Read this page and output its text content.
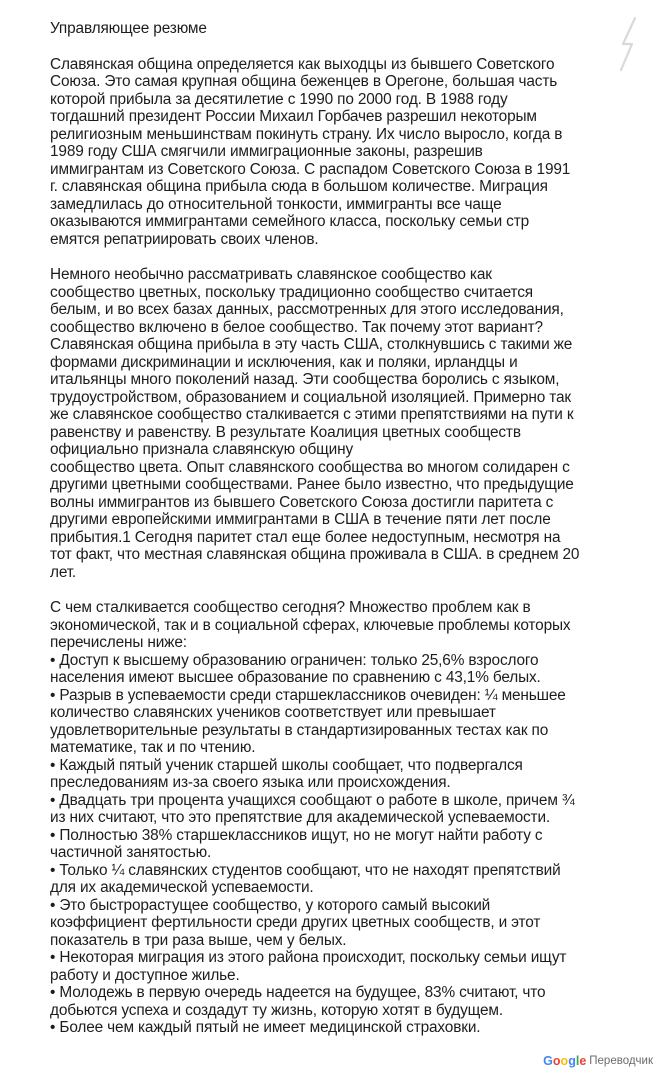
Управляющее резюме
Славянская община определяется как выходцы из бывшего Советского
Союза. Это самая крупная община беженцев в Орегоне, большая часть
которой прибыла за десятилетие с 1990 по 2000 год. В 1988 году
тогдашний президент России Михаил Горбачев разрешил некоторым
религиозным меньшинствам покинуть страну. Их число выросло, когда в
1989 году США смягчили иммиграционные законы, разрешив
иммигрантам из Советского Союза. С распадом Советского Союза в 1991
г. славянская община прибыла сюда в большом количестве. Миграция
замедлилась до относительной тонкости, иммигранты все чаще
оказываются иммигрантами семейного класса, поскольку семьи стр
емятся репатриировать своих членов.
Немного необычно рассматривать славянское сообщество как
сообщество цветных, поскольку традиционно сообщество считается
белым, и во всех базах данных, рассмотренных для этого исследования,
сообщество включено в белое сообщество. Так почему этот вариант?
Славянская община прибыла в эту часть США, столкнувшись с такими же
формами дискриминации и исключения, как и поляки, ирландцы и
итальянцы много поколений назад. Эти сообщества боролись с языком,
трудоустройством, образованием и социальной изоляцией. Примерно так
же славянское сообщество сталкивается с этими препятствиями на пути к
равенству и равенству. В результате Коалиция цветных сообществ
официально признала славянскую общину
сообщество цвета. Опыт славянского сообщества во многом солидарен с
другими цветными сообществами. Ранее было известно, что предыдущие
волны иммигрантов из бывшего Советского Союза достигли паритета с
другими европейскими иммигрантами в США в течение пяти лет после
прибытия.1 Сегодня паритет стал еще более недоступным, несмотря на
тот факт, что местная славянская община проживала в США. в среднем 20
лет.
С чем сталкивается сообщество сегодня? Множество проблем как в
экономической, так и в социальной сферах, ключевые проблемы которых
перечислены ниже:
• Доступ к высшему образованию ограничен: только 25,6% взрослого
населения имеют высшее образование по сравнению с 43,1% белых.
• Разрыв в успеваемости среди старшеклассников очевиден: ¼ меньшее
количество славянских учеников соответствует или превышает
удовлетворительные результаты в стандартизированных тестах как по
математике, так и по чтению.
• Каждый пятый ученик старшей школы сообщает, что подвергался
преследованиям из-за своего языка или происхождения.
• Двадцать три процента учащихся сообщают о работе в школе, причем ¾
из них считают, что это препятствие для академической успеваемости.
• Полностью 38% старшеклассников ищут, но не могут найти работу с
частичной занятостью.
• Только ¼ славянских студентов сообщают, что не находят препятствий
для их академической успеваемости.
• Это быстрорастущее сообщество, у которого самый высокий
коэффициент фертильности среди других цветных сообществ, и этот
показатель в три раза выше, чем у белых.
• Некоторая миграция из этого района происходит, поскольку семьи ищут
работу и доступное жилье.
• Молодежь в первую очередь надеется на будущее, 83% считают, что
добьются успеха и создадут ту жизнь, которую хотят в будущем.
• Более чем каждый пятый не имеет медицинской страховки.
Google Переводчик
